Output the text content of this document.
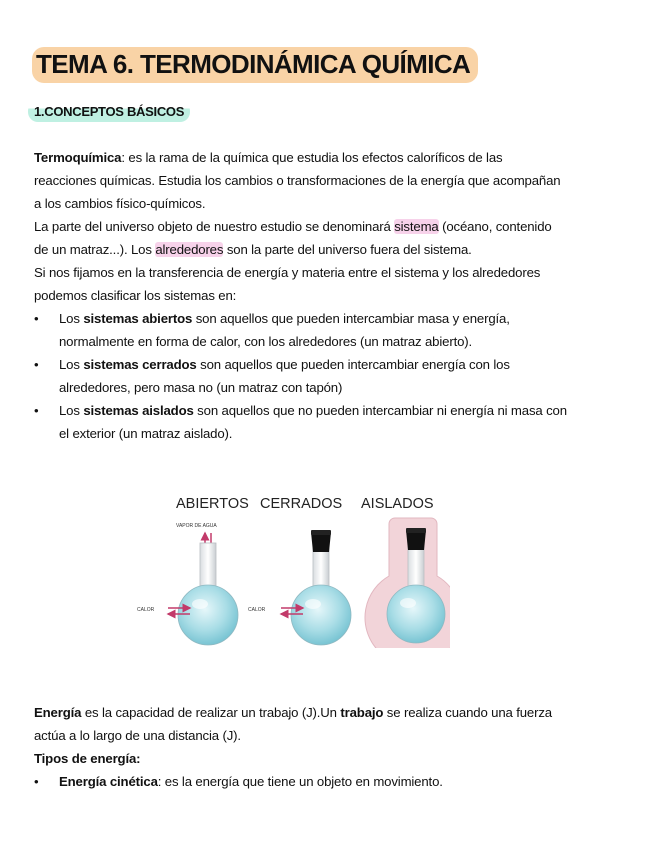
TEMA 6. TERMODINÁMICA QUÍMICA
1.CONCEPTOS BÁSICOS

Termoquímica: es la rama de la química que estudia los efectos caloríficos de las

reacciones químicas. Estudia los cambios o transformaciones de la energía que acompañan

a los cambios físico-químicos.

La parte del universo objeto de nuestro estudio se denominará sistema (océano, contenido

de un matraz...). Los alrededores son la parte del universo fuera del sistema.

Si nos fijamos en la transferencia de energía y materia entre el sistema y los alrededores

podemos clasificar los sistemas en:

• Los sistemas abiertos son aquellos que pueden intercambiar masa y energía,
normalmente en forma de calor, con los alrededores (un matraz abierto).
• Los sistemas cerrados son aquellos que pueden intercambiar energía con los
alrededores, pero masa no (un matraz con tapón)
• Los sistemas aislados son aquellos que no pueden intercambiar ni energía ni masa con
el exterior (un matraz aislado).
ABIERTOS CERRADOS AISLADOS
VAPOR DE AGUA
CALOR	CALOR

Energía es la capacidad de realizar un trabajo (J).Un trabajo se realiza cuando una fuerza

actúa a lo largo de una distancia (J).

Tipos de energía:

• Energía cinética: es la energía que tiene un objeto en movimiento.
